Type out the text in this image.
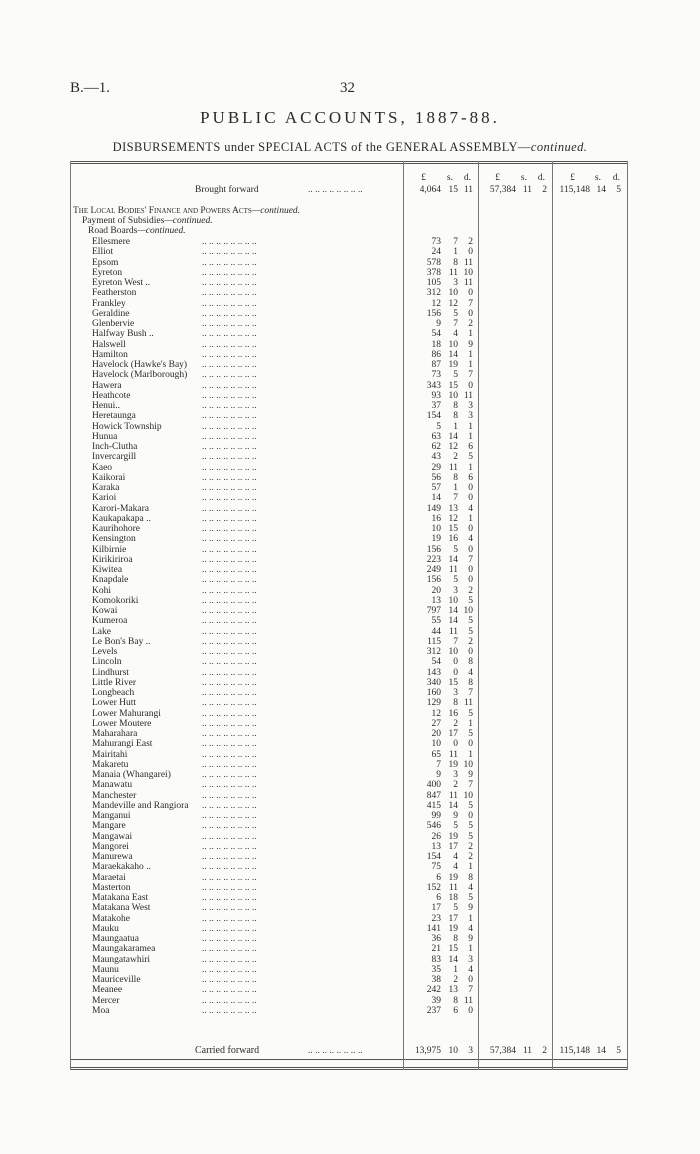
B.—1.	32
PUBLIC ACCOUNTS, 1887-88.
DISBURSEMENTS under SPECIAL ACTS of the GENERAL ASSEMBLY—continued.
£	s.	d.	£	s.	d.	£	s.	d.
Brought forward	.. .. .. .. .. .. .. ..	4,064 15 11	57,384 11	2	115,148 14	5
The Local Bodies' Finance and Powers Acts—continued.
Payment of Subsidies—continued.
Road Boards—continued.
Ellesmere	.. .. .. .. .. .. .. ..	73	7	2
Elliot	.. .. .. .. .. .. .. ..	24	1	0
Epsom	.. .. .. .. .. .. .. ..	578	8 11
Eyreton	.. .. .. .. .. .. .. ..	378 11 10
Eyreton West ..	.. .. .. .. .. .. .. ..	105	3 11
Featherston	.. .. .. .. .. .. .. ..	312 10	0
Frankley	.. .. .. .. .. .. .. ..	12 12	7
Geraldine	.. .. .. .. .. .. .. ..	156	5	0
Glenbervie	.. .. .. .. .. .. .. ..	9	7	2
Halfway Bush ..	.. .. .. .. .. .. .. ..	54	4	1
Halswell	.. .. .. .. .. .. .. ..	18 10	9
Hamilton	.. .. .. .. .. .. .. ..	86 14	1
Havelock (Hawke's Bay) .. .. .. .. .. .. .. ..	87 19	1
Havelock (Marlborough) .. .. .. .. .. .. .. ..	73	5	7
Hawera	.. .. .. .. .. .. .. ..	343 15	0
Heathcote	.. .. .. .. .. .. .. ..	93 10 11
Henui..	.. .. .. .. .. .. .. ..	37	8	3
Heretaunga	.. .. .. .. .. .. .. ..	154	8	3
Howick Township	.. .. .. .. .. .. .. ..	5	1	1
Hunua	.. .. .. .. .. .. .. ..	63 14	1
Inch-Clutha	.. .. .. .. .. .. .. ..	62 12	6
Invercargill	.. .. .. .. .. .. .. ..	43	2	5
Kaeo	.. .. .. .. .. .. .. ..	29 11	1
Kaikorai	.. .. .. .. .. .. .. ..	56	8	6
Karaka	.. .. .. .. .. .. .. ..	57	1	0
Karioi	.. .. .. .. .. .. .. ..	14	7	0
Karori-Makara	.. .. .. .. .. .. .. ..	149 13	4
Kaukapakapa ..	.. .. .. .. .. .. .. ..	16 12	1
Kaurihohore	.. .. .. .. .. .. .. ..	10 15	0
Kensington	.. .. .. .. .. .. .. ..	19 16	4
Kilbirnie	.. .. .. .. .. .. .. ..	156	5	0
Kirikiriroa	.. .. .. .. .. .. .. ..	223 14	7
Kiwitea	.. .. .. .. .. .. .. ..	249 11	0
Knapdale	.. .. .. .. .. .. .. ..	156	5	0
Kohi	.. .. .. .. .. .. .. ..	20	3	2
Komokoriki	.. .. .. .. .. .. .. ..	13 10	5
Kowai	.. .. .. .. .. .. .. ..	797 14 10
Kumeroa	.. .. .. .. .. .. .. ..	55 14	5
Lake	.. .. .. .. .. .. .. ..	44 11	5
Le Bon's Bay ..	.. .. .. .. .. .. .. ..	115	7	2
Levels	.. .. .. .. .. .. .. ..	312 10	0
Lincoln	.. .. .. .. .. .. .. ..	54	0	8
Lindhurst	.. .. .. .. .. .. .. ..	143	0	4
Little River	.. .. .. .. .. .. .. ..	340 15	8
Longbeach	.. .. .. .. .. .. .. ..	160	3	7
Lower Hutt	.. .. .. .. .. .. .. ..	129	8 11
Lower Mahurangi	.. .. .. .. .. .. .. ..	12 16	5
Lower Moutere	.. .. .. .. .. .. .. ..	27	2	1
Maharahara	.. .. .. .. .. .. .. ..	20 17	5
Mahurangi East	.. .. .. .. .. .. .. ..	10	0	0
Mairitahi	.. .. .. .. .. .. .. ..	65 11	1
Makaretu	.. .. .. .. .. .. .. ..	7 19 10
Manaia (Whangarei)	.. .. .. .. .. .. .. ..	9	3	9
Manawatu	.. .. .. .. .. .. .. ..	400	2	7
Manchester	.. .. .. .. .. .. .. ..	847 11 10
Mandeville and Rangiora .. .. .. .. .. .. .. ..	415 14	5
Manganui	.. .. .. .. .. .. .. ..	99	9	0
Mangare	.. .. .. .. .. .. .. ..	546	5	5
Mangawai	.. .. .. .. .. .. .. ..	26 19	5
Mangorei	.. .. .. .. .. .. .. ..	13 17	2
Manurewa	.. .. .. .. .. .. .. ..	154	4	2
Maraekakaho ..	.. .. .. .. .. .. .. ..	75	4	1
Maraetai	.. .. .. .. .. .. .. ..	6 19	8
Masterton	.. .. .. .. .. .. .. ..	152 11	4
Matakana East	.. .. .. .. .. .. .. ..	6 18	5
Matakana West	.. .. .. .. .. .. .. ..	17	5	9
Matakohe	.. .. .. .. .. .. .. ..	23 17	1
Mauku	.. .. .. .. .. .. .. ..	141 19	4
Maungaatua	.. .. .. .. .. .. .. ..	36	8	9
Maungakaramea	.. .. .. .. .. .. .. ..	21 15	1
Maungatawhiri	.. .. .. .. .. .. .. ..	83 14	3
Maunu	.. .. .. .. .. .. .. ..	35	1	4
Mauriceville	.. .. .. .. .. .. .. ..	38	2	0
Meanee	.. .. .. .. .. .. .. ..	242 13	7
Mercer	.. .. .. .. .. .. .. ..	39	8 11
Moa	.. .. .. .. .. .. .. ..	237	6	0
Carried forward	.. .. .. .. .. .. .. ..	13,975 10	3	57,384 11	2	115,148 14	5
